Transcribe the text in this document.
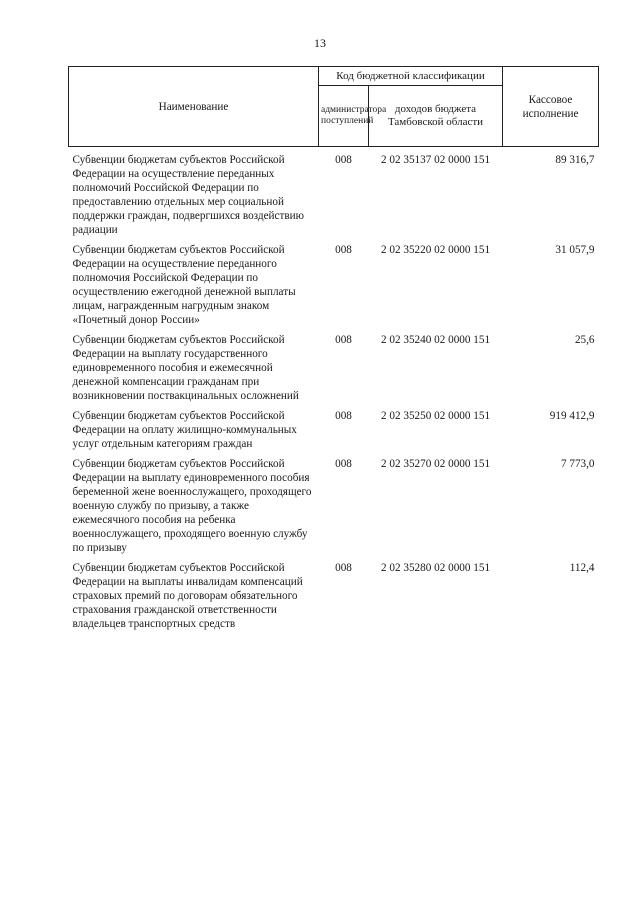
13
Наименование	Код бюджетной классификации		Кассовое исполнение
	администратора поступлений	доходов бюджета Тамбовской области	
Субвенции бюджетам субъектов Российской Федерации на осуществление переданных полномочий Российской Федерации по предоставлению отдельных мер социальной поддержки граждан, подвергшихся воздействию радиации	008	2 02 35137 02 0000 151	89 316,7
Субвенции бюджетам субъектов Российской Федерации на осуществление переданного полномочия Российской Федерации по осуществлению ежегодной денежной выплаты лицам, награжденным нагрудным знаком «Почетный донор России»	008	2 02 35220 02 0000 151	31 057,9
Субвенции бюджетам субъектов Российской Федерации на выплату государственного единовременного пособия и ежемесячной денежной компенсации гражданам при возникновении поствакцинальных осложнений	008	2 02 35240 02 0000 151	25,6
Субвенции бюджетам субъектов Российской Федерации на оплату жилищно-коммунальных услуг отдельным категориям граждан	008	2 02 35250 02 0000 151	919 412,9
Субвенции бюджетам субъектов Российской Федерации на выплату единовременного пособия беременной жене военнослужащего, проходящего военную службу по призыву, а также ежемесячного пособия на ребенка военнослужащего, проходящего военную службу по призыву	008	2 02 35270 02 0000 151	7 773,0
Субвенции бюджетам субъектов Российской Федерации на выплаты инвалидам компенсаций страховых премий по договорам обязательного страхования гражданской ответственности владельцев транспортных средств	008	2 02 35280 02 0000 151	112,4
